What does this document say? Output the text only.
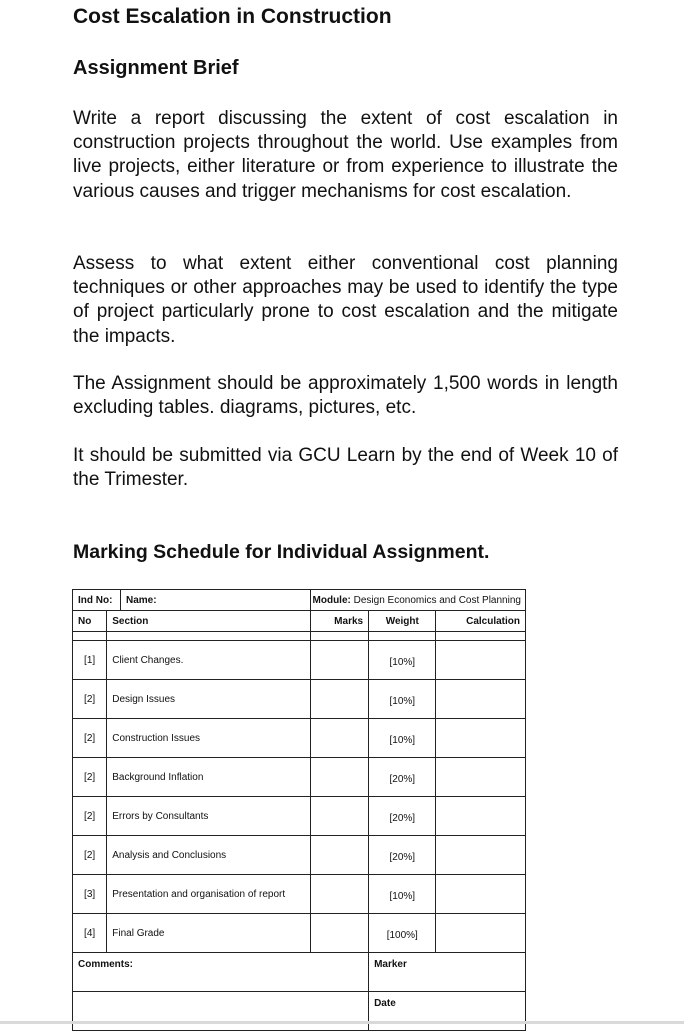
Cost Escalation in Construction
Assignment Brief

Write a report discussing the extent of cost escalation in construction projects throughout the world. Use examples from live projects, either literature or from experience to illustrate the various causes and trigger mechanisms for cost escalation.

Assess to what extent either conventional cost planning techniques or other approaches may be used to identify the type of project particularly prone to cost escalation and the mitigate the impacts.

The Assignment should be approximately 1,500 words in length excluding tables. diagrams, pictures, etc.

It should be submitted via GCU Learn by the end of Week 10 of the Trimester.

Marking Schedule for Individual Assignment.
Ind No: Name:		Module: Design Economics and Cost Planning		
No	Section	Marks	Weight	Calculation

[1]	Client Changes.		[10%]	
[2]	Design Issues		[10%]	
[2]	Construction Issues		[10%]	
[2]	Background Inflation		[20%]	
[2]	Errors by Consultants		[20%]	
[2]	Analysis and Conclusions		[20%]	
[3]	Presentation and organisation of report		[10%]	
[4]	Final Grade		[100%]	
Comments:			Marker	
			Date	
